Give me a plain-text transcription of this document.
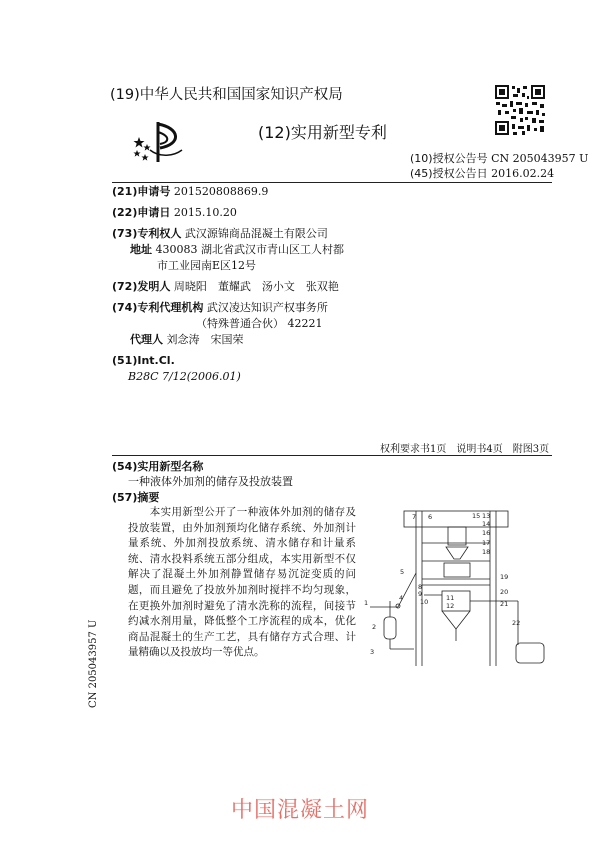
(19)中华人民共和国国家知识产权局
(12)实用新型专利
(10)授权公告号 CN 205043957 U
(45)授权公告日 2016.02.24
(21)申请号 201520808869.9
(22)申请日 2015.10.20
(73)专利权人 武汉源锦商品混凝土有限公司
地址 430083 湖北省武汉市青山区工人村都
市工业园南E区12号
(72)发明人 周晓阳　董耀武　汤小文　张双艳
(74)专利代理机构 武汉凌达知识产权事务所
（特殊普通合伙） 42221
代理人 刘念涛　宋国荣
(51)Int.Cl.
B28C 7/12(2006.01)
权利要求书1页　说明书4页　附图3页
(54)实用新型名称
一种液体外加剂的储存及投放装置
(57)摘要
　　本实用新型公开了一种液体外加剂的储存及投放装置，由外加剂预均化储存系统、外加剂计量系统、外加剂投放系统、清水储存和计量系统、清水投料系统五部分组成，本实用新型不仅解决了混凝土外加剂静置储存易沉淀变质的问题，而且避免了投放外加剂时搅拌不均匀现象，在更换外加剂时避免了清水洗称的流程，间接节约减水剂用量，降低整个工序流程的成本，优化商品混凝土的生产工艺，具有储存方式合理、计量精确以及投放均一等优点。
7 6	15 13
14
16
17
18
19
20
21
22
8
9
10	11
12
5
1
4
2
3
CN 205043957 U
中国混凝土网
